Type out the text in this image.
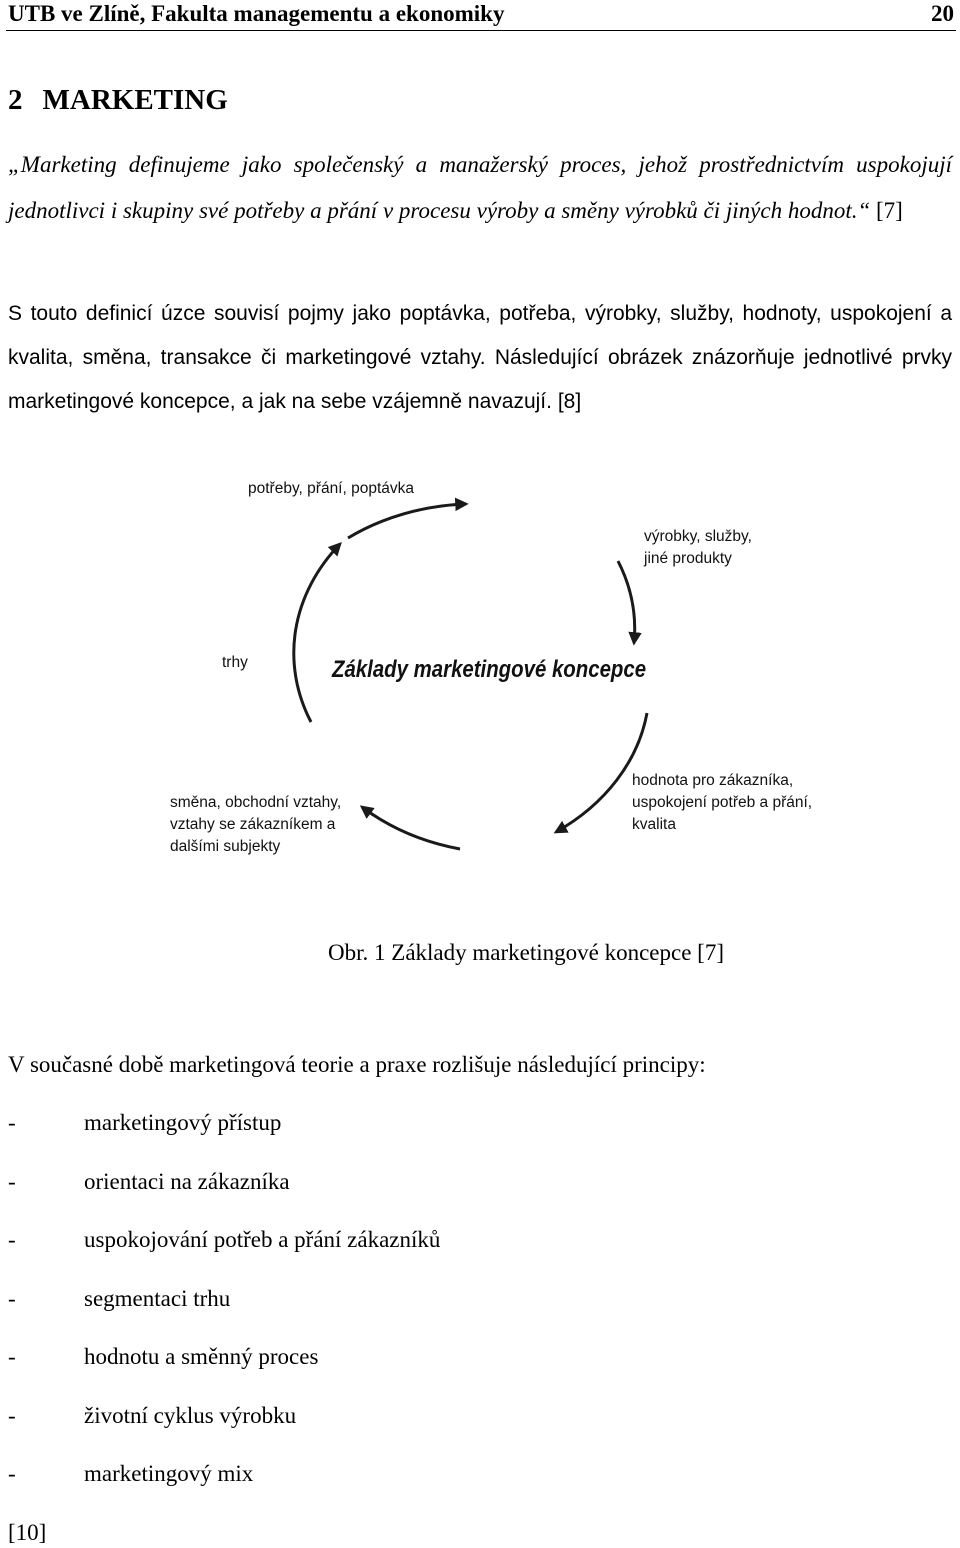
UTB ve Zlíně, Fakulta managementu a ekonomiky	20
2 MARKETING
„Marketing definujeme jako společenský a manažerský proces, jehož prostřednictvím uspokojují jednotlivci i skupiny své potřeby a přání v procesu výroby a směny výrobků či jiných hodnot.“ [7]
S touto definicí úzce souvisí pojmy jako poptávka, potřeba, výrobky, služby, hodnoty, uspokojení a kvalita, směna, transakce či marketingové vztahy. Následující obrázek znázorňuje jednotlivé prvky marketingové koncepce, a jak na sebe vzájemně navazují. [8]
potřeby, přání, poptávka
výrobky, služby,
jiné produkty
trhy
hodnota pro zákazníka,
uspokojení potřeb a přání,
kvalita
směna, obchodní vztahy,
vztahy se zákazníkem a
dalšími subjekty
Základy marketingové koncepce
Obr. 1 Základy marketingové koncepce [7]
V současné době marketingová teorie a praxe rozlišuje následující principy:
-	marketingový přístup
-	orientaci na zákazníka
-	uspokojování potřeb a přání zákazníků
-	segmentaci trhu
-	hodnotu a směnný proces
-	životní cyklus výrobku
-	marketingový mix
[10]
